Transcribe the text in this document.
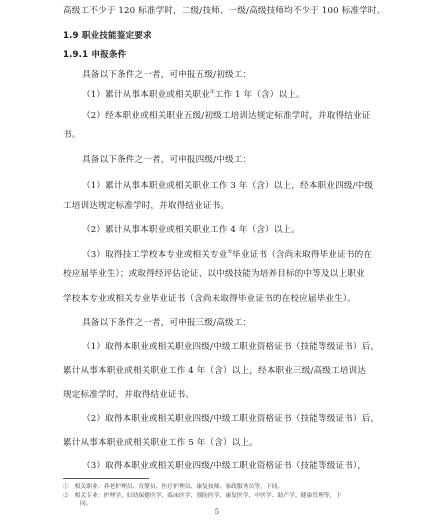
高级工不少于 120 标准学时，二级/技师、一级/高级技师均不少于 100 标准学时。
1.9 职业技能鉴定要求
1.9.1 申报条件
具备以下条件之一者，可申报五级/初级工：
（1）累计从事本职业或相关职业①工作 1 年（含）以上。
（2）经本职业或相关职业五级/初级工培训达规定标准学时，并取得结业证
书。
具备以下条件之一者，可申报四级/中级工：
（1）累计从事本职业或相关职业工作 3 年（含）以上，经本职业四级/中级
工培训达规定标准学时，并取得结业证书。
（2）累计从事本职业或相关职业工作 4 年（含）以上。
（3）取得技工学校本专业或相关专业②毕业证书（含尚未取得毕业证书的在
校应届毕业生）；或取得经评估论证、以中级技能为培养目标的中等及以上职业
学校本专业或相关专业毕业证书（含尚未取得毕业证书的在校应届毕业生）。
具备以下条件之一者，可申报三级/高级工：
（1）取得本职业或相关职业四级/中级工职业资格证书（技能等级证书）后，
累计从事本职业或相关职业工作 4 年（含）以上，经本职业三级/高级工培训达
规定标准学时，并取得结业证书。
（2）取得本职业或相关职业四级/中级工职业资格证书（技能等级证书）后，
累计从事本职业或相关职业工作 5 年（含）以上。
（3）取得本职业或相关职业四级/中级工职业资格证书（技能等级证书），
①　相关职业：养老护理员、育婴员、医疗护理员、康复技师、家政服务员等，下同。
②　相关专业：护理学、妇幼保健医学、临床医学、预防医学、康复医学、中医学、助产学、健康管理等，下
同。
5
